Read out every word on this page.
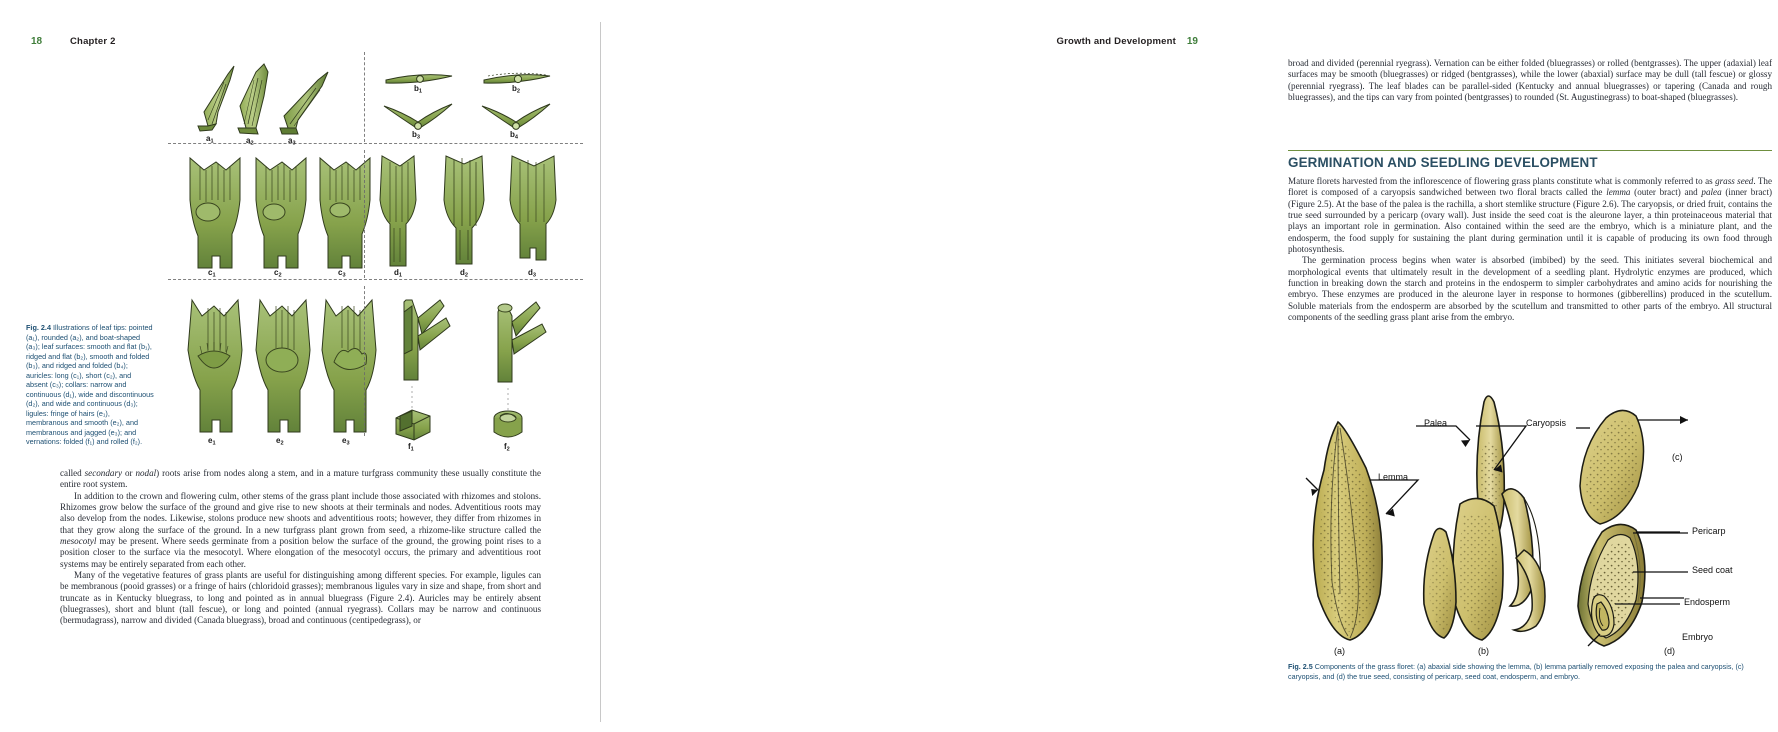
18	Chapter 2
$a_1$	$a_2$	$a_3$
$b_1$	$b_2$
$b_3$	$b_4$
$c_1$	$c_2$	$c_3$	$d_1$	$d_2$	$d_3$
$e_1$	$e_2$	$e_3$	$f_1$	$f_2$
Fig. 2.4 Illustrations of leaf tips: pointed (a₁), rounded (a₂), and boat-shaped (a₃); leaf surfaces: smooth and flat (b₁), ridged and flat (b₂), smooth and folded (b₃), and ridged and folded (b₄); auricles: long (c₁), short (c₂), and absent (c₃); collars: narrow and continuous (d₁), wide and discontinuous (d₂), and wide and continuous (d₃); ligules: fringe of hairs (e₁), membranous and smooth (e₂), and membranous and jagged (e₃); and vernations: folded (f₁) and rolled (f₂).

called secondary or nodal) roots arise from nodes along a stem, and in a mature turfgrass community these usually constitute the entire root system.

In addition to the crown and flowering culm, other stems of the grass plant include those associated with rhizomes and stolons. Rhizomes grow below the surface of the ground and give rise to new shoots at their terminals and nodes. Adventitious roots may also develop from the nodes. Likewise, stolons produce new shoots and adventitious roots; however, they differ from rhizomes in that they grow along the surface of the ground. In a new turfgrass plant grown from seed, a rhizome-like structure called the mesocotyl may be present. Where seeds germinate from a position below the surface of the ground, the growing point rises to a position closer to the surface via the mesocotyl. Where elongation of the mesocotyl occurs, the primary and adventitious root systems may be entirely separated from each other.

Many of the vegetative features of grass plants are useful for distinguishing among different species. For example, ligules can be membranous (pooid grasses) or a fringe of hairs (chloridoid grasses); membranous ligules vary in size and shape, from short and truncate as in Kentucky bluegrass, to long and pointed as in annual bluegrass (Figure 2.4). Auricles may be entirely absent (bluegrasses), short and blunt (tall fescue), or long and pointed (annual ryegrass). Collars may be narrow and continuous (bermudagrass), narrow and divided (Canada bluegrass), broad and continuous (centipedegrass), or

Growth and Development 19

broad and divided (perennial ryegrass). Vernation can be either folded (bluegrasses) or rolled (bentgrasses). The upper (adaxial) leaf surfaces may be smooth (bluegrasses) or ridged (bentgrasses), while the lower (abaxial) surface may be dull (tall fescue) or glossy (perennial ryegrass). The leaf blades can be parallel-sided (Kentucky and annual bluegrasses) or tapering (Canada and rough bluegrasses), and the tips can vary from pointed (bentgrasses) to rounded (St. Augustinegrass) to boat-shaped (bluegrasses).

GERMINATION AND SEEDLING DEVELOPMENT

Mature florets harvested from the inflorescence of flowering grass plants constitute what is commonly referred to as grass seed. The floret is composed of a caryopsis sandwiched between two floral bracts called the lemma (outer bract) and palea (inner bract) (Figure 2.5). At the base of the palea is the rachilla, a short stemlike structure (Figure 2.6). The caryopsis, or dried fruit, contains the true seed surrounded by a pericarp (ovary wall). Just inside the seed coat is the aleurone layer, a thin proteinaceous material that plays an important role in germination. Also contained within the seed are the embryo, which is a miniature plant, and the endosperm, the food supply for sustaining the plant during germination until it is capable of producing its own food through photosynthesis.

The germination process begins when water is absorbed (imbibed) by the seed. This initiates several biochemical and morphological events that ultimately result in the development of a seedling plant. Hydrolytic enzymes are produced, which function in breaking down the starch and proteins in the endosperm to simpler carbohydrates and amino acids for nourishing the embryo. These enzymes are produced in the aleurone layer in response to hormones (gibberellins) produced in the scutellum. Soluble materials from the endosperm are absorbed by the scutellum and transmitted to other parts of the embryo. All structural components of the seedling grass plant arise from the embryo.

Palea	Caryopsis
Lemma
Pericarp
Seed coat
Endosperm
Embryo
(a)	(b)
(c)
(d)
Fig. 2.5 Components of the grass floret: (a) abaxial side showing the lemma, (b) lemma partially removed exposing the palea and caryopsis, (c) caryopsis, and (d) the true seed, consisting of pericarp, seed coat, endosperm, and embryo.
